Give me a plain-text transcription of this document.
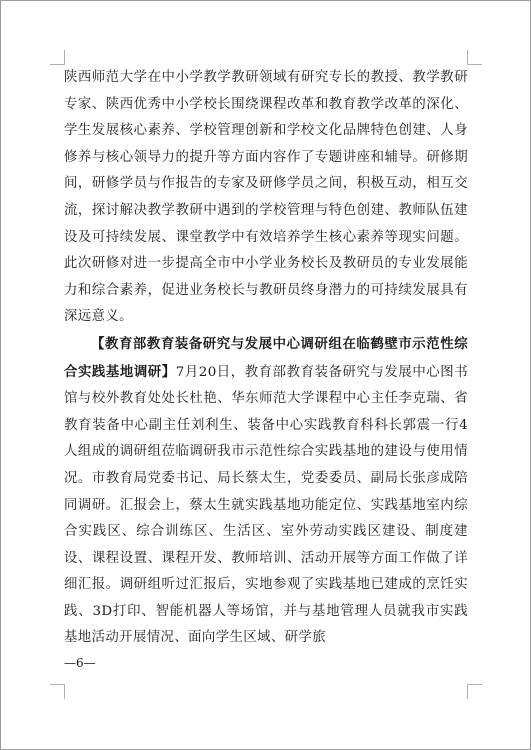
陕西师范大学在中小学教学教研领域有研究专长的教授、教学教研专家、陕西优秀中小学校长围绕课程改革和教育教学改革的深化、学生发展核心素养、学校管理创新和学校文化品牌特色创建、人身修养与核心领导力的提升等方面内容作了专题讲座和辅导。研修期间，研修学员与作报告的专家及研修学员之间，积极互动，相互交流，探讨解决教学教研中遇到的学校管理与特色创建、教师队伍建设及可持续发展、课堂教学中有效培养学生核心素养等现实问题。此次研修对进一步提高全市中小学业务校长及教研员的专业发展能力和综合素养，促进业务校长与教研员终身潜力的可持续发展具有深远意义。

【教育部教育装备研究与发展中心调研组在临鹤壁市示范性综合实践基地调研】7月20日，教育部教育装备研究与发展中心图书馆与校外教育处处长杜艳、华东师范大学课程中心主任李克瑞、省教育装备中心副主任刘利生、装备中心实践教育科科长郭震一行4人组成的调研组莅临调研我市示范性综合实践基地的建设与使用情况。市教育局党委书记、局长蔡太生，党委委员、副局长张彦成陪同调研。汇报会上，蔡太生就实践基地功能定位、实践基地室内综合实践区、综合训练区、生活区、室外劳动实践区建设、制度建设、课程设置、课程开发、教师培训、活动开展等方面工作做了详细汇报。调研组听过汇报后，实地参观了实践基地已建成的烹饪实践、3D打印、智能机器人等场馆，并与基地管理人员就我市实践基地活动开展情况、面向学生区域、研学旅

—6—
